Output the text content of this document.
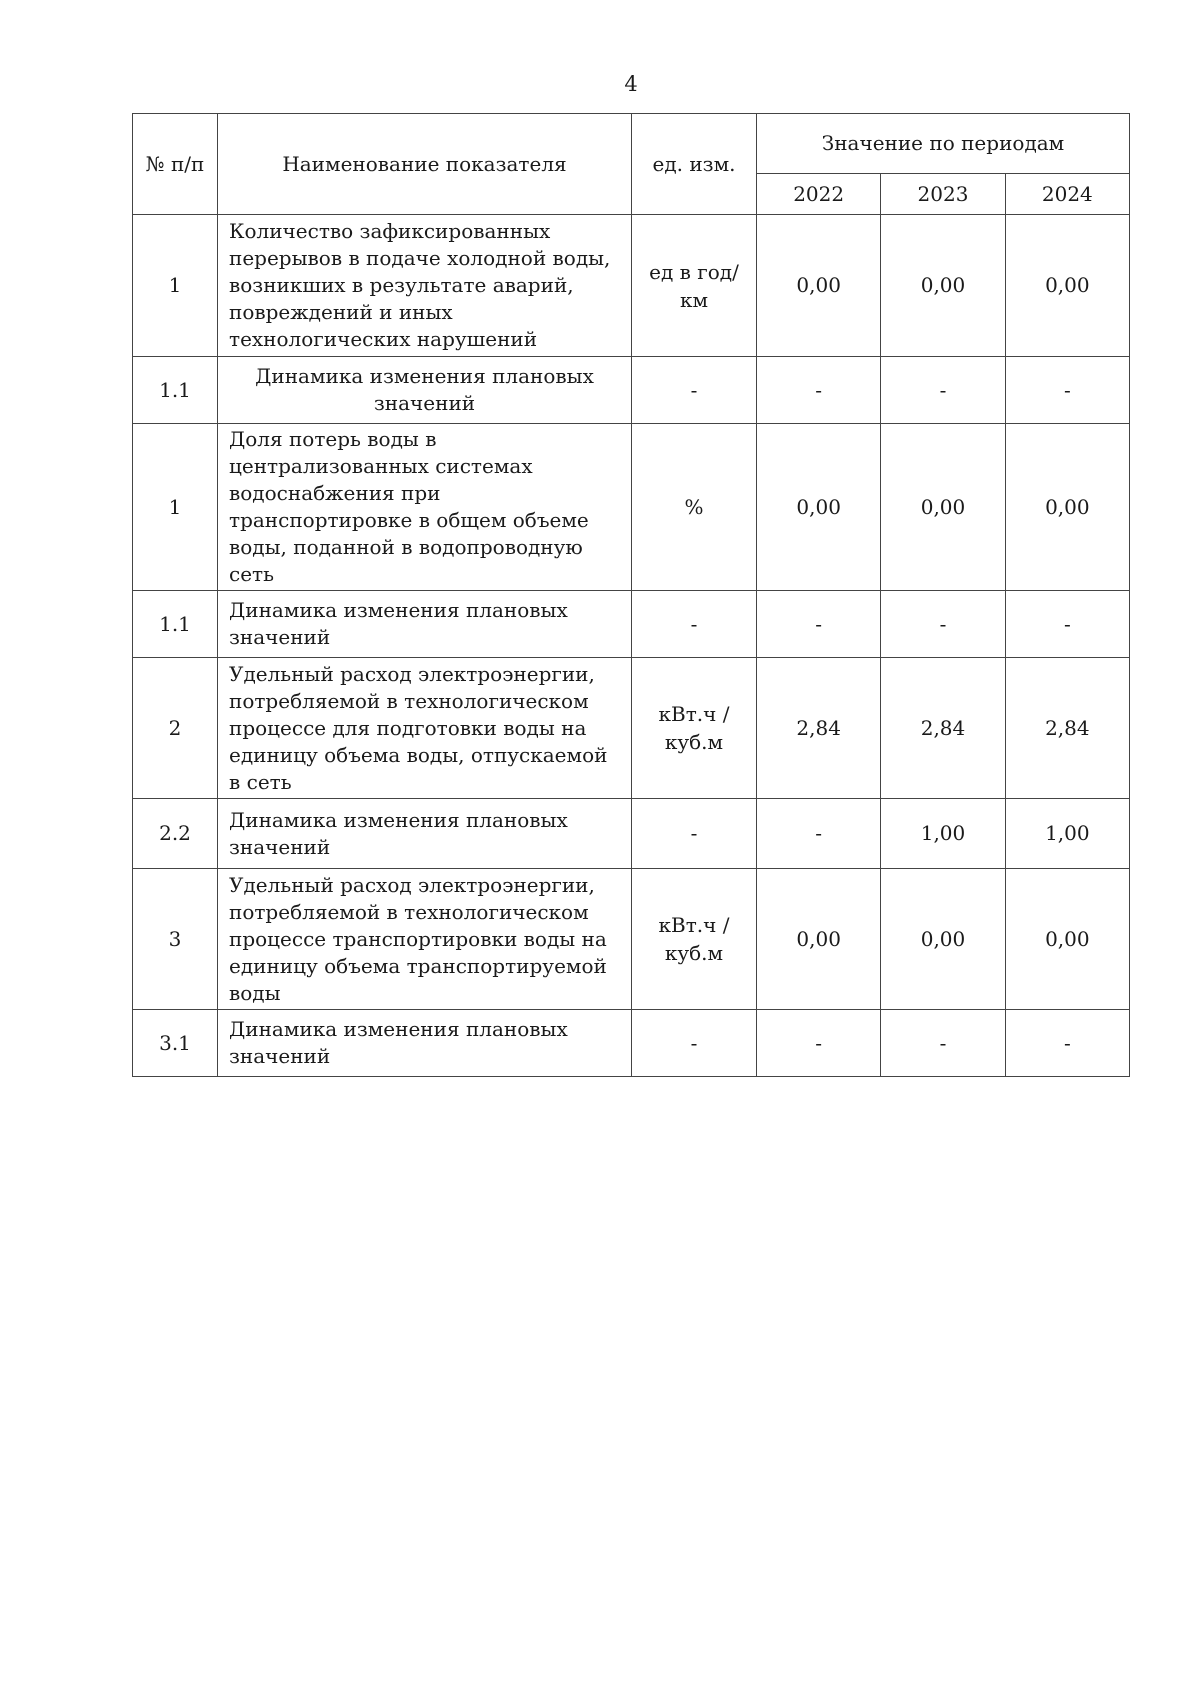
4
№ п/п	Наименование показателя	ед. изм.	Значение по периодам		
			2022	2023	2024
1	Количество зафиксированных перерывов в подаче холодной воды, возникших в результате аварий, повреждений и иных технологических нарушений	ед в год/ км	0,00	0,00	0,00
1.1	Динамика изменения плановых значений	-	-	-	-
1	Доля потерь воды в централизованных системах водоснабжения при транспортировке в общем объеме воды, поданной в водопроводную сеть	%	0,00	0,00	0,00
1.1	Динамика изменения плановых значений	-	-	-	-
2	Удельный расход электроэнергии, потребляемой в технологическом процессе для подготовки воды на единицу объема воды, отпускаемой в сеть	кВт.ч / куб.м	2,84	2,84	2,84
2.2	Динамика изменения плановых значений	-	-	1,00	1,00
3	Удельный расход электроэнергии, потребляемой в технологическом процессе транспортировки воды на единицу объема транспортируемой воды	кВт.ч / куб.м	0,00	0,00	0,00
3.1	Динамика изменения плановых значений	-	-	-	-
